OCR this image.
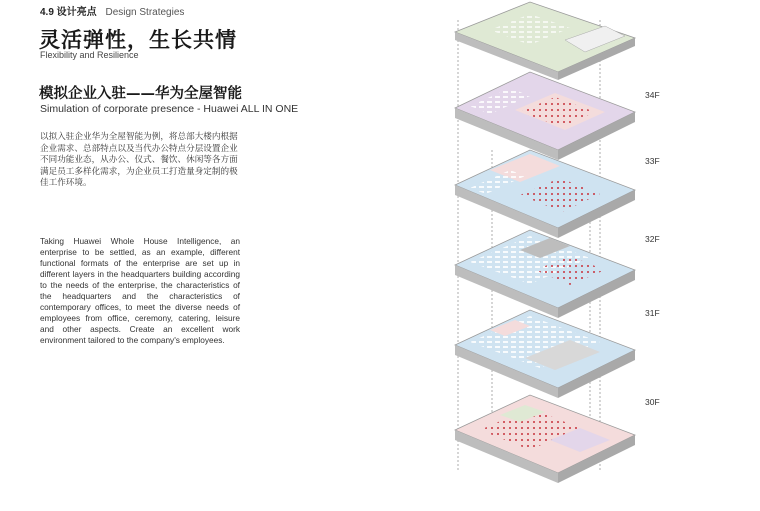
4.9 设计亮点 Design Strategies
灵活弹性，生长共情
Flexibility and Resilience
模拟企业入驻——华为全屋智能
Simulation of corporate presence - Huawei ALL IN ONE
以拟入驻企业华为全屋智能为例，将总部大楼内根据企业需求、总部特点以及当代办公特点分层设置企业不同功能业态，从办公、仪式、餐饮、休闲等各方面满足员工多样化需求，为企业员工打造量身定制的极佳工作环境。
Taking Huawei Whole House Intelligence, an enterprise to be settled, as an example, different functional formats of the enterprise are set up in different layers in the headquarters building according to the needs of the enterprise, the characteristics of the headquarters and the characteristics of contemporary offices, to meet the diverse needs of employees from office, ceremony, catering, leisure and other aspects. Create an excellent work environment tailored to the company's employees.
34F
33F
32F
31F
30F
